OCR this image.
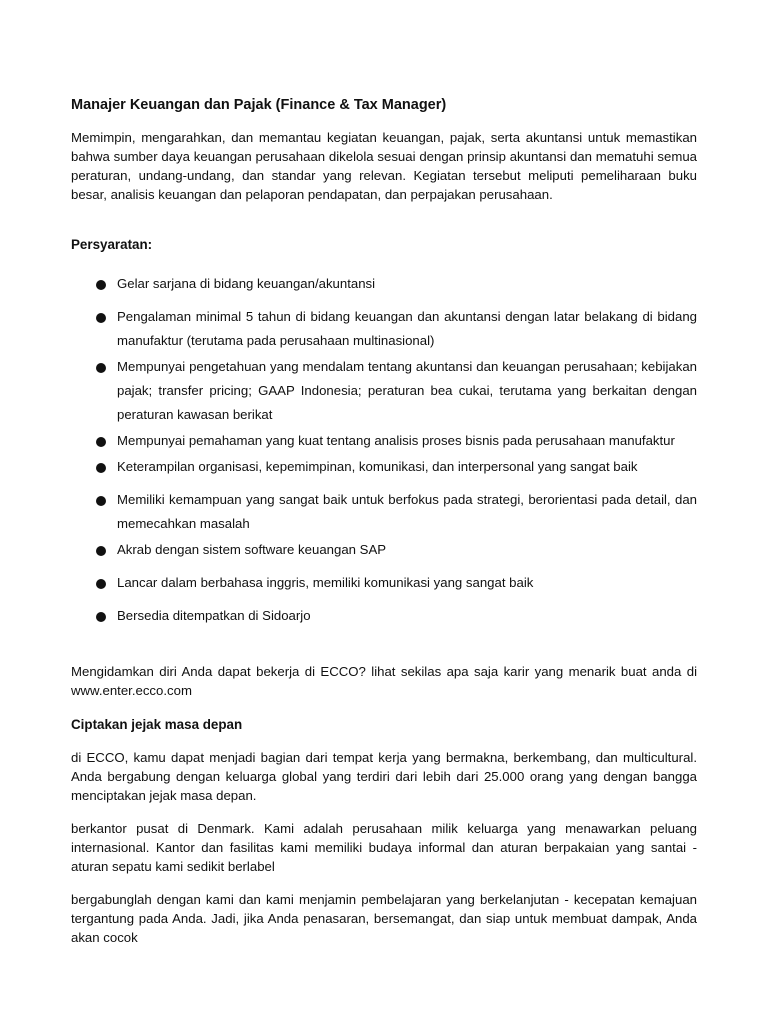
Manajer Keuangan dan Pajak (Finance & Tax Manager)

Memimpin, mengarahkan, dan memantau kegiatan keuangan, pajak, serta akuntansi untuk memastikan bahwa sumber daya keuangan perusahaan dikelola sesuai dengan prinsip akuntansi dan mematuhi semua peraturan, undang-undang, dan standar yang relevan. Kegiatan tersebut meliputi pemeliharaan buku besar, analisis keuangan dan pelaporan pendapatan, dan perpajakan perusahaan.

Persyaratan:
Gelar sarjana di bidang keuangan/akuntansi
Pengalaman minimal 5 tahun di bidang keuangan dan akuntansi dengan latar belakang di bidang manufaktur (terutama pada perusahaan multinasional)
Mempunyai pengetahuan yang mendalam tentang akuntansi dan keuangan perusahaan; kebijakan pajak; transfer pricing; GAAP Indonesia; peraturan bea cukai, terutama yang berkaitan dengan peraturan kawasan berikat
Mempunyai pemahaman yang kuat tentang analisis proses bisnis pada perusahaan manufaktur
Keterampilan organisasi, kepemimpinan, komunikasi, dan interpersonal yang sangat baik
Memiliki kemampuan yang sangat baik untuk berfokus pada strategi, berorientasi pada detail, dan memecahkan masalah
Akrab dengan sistem software keuangan SAP
Lancar dalam berbahasa inggris, memiliki komunikasi yang sangat baik
Bersedia ditempatkan di Sidoarjo

Mengidamkan diri Anda dapat bekerja di ECCO? lihat sekilas apa saja karir yang menarik buat anda di www.enter.ecco.com

Ciptakan jejak masa depan

di ECCO, kamu dapat menjadi bagian dari tempat kerja yang bermakna, berkembang, dan multicultural. Anda bergabung dengan keluarga global yang terdiri dari lebih dari 25.000 orang yang dengan bangga menciptakan jejak masa depan.

berkantor pusat di Denmark. Kami adalah perusahaan milik keluarga yang menawarkan peluang internasional. Kantor dan fasilitas kami memiliki budaya informal dan aturan berpakaian yang santai - aturan sepatu kami sedikit berlabel

bergabunglah dengan kami dan kami menjamin pembelajaran yang berkelanjutan - kecepatan kemajuan tergantung pada Anda. Jadi, jika Anda penasaran, bersemangat, dan siap untuk membuat dampak, Anda akan cocok
